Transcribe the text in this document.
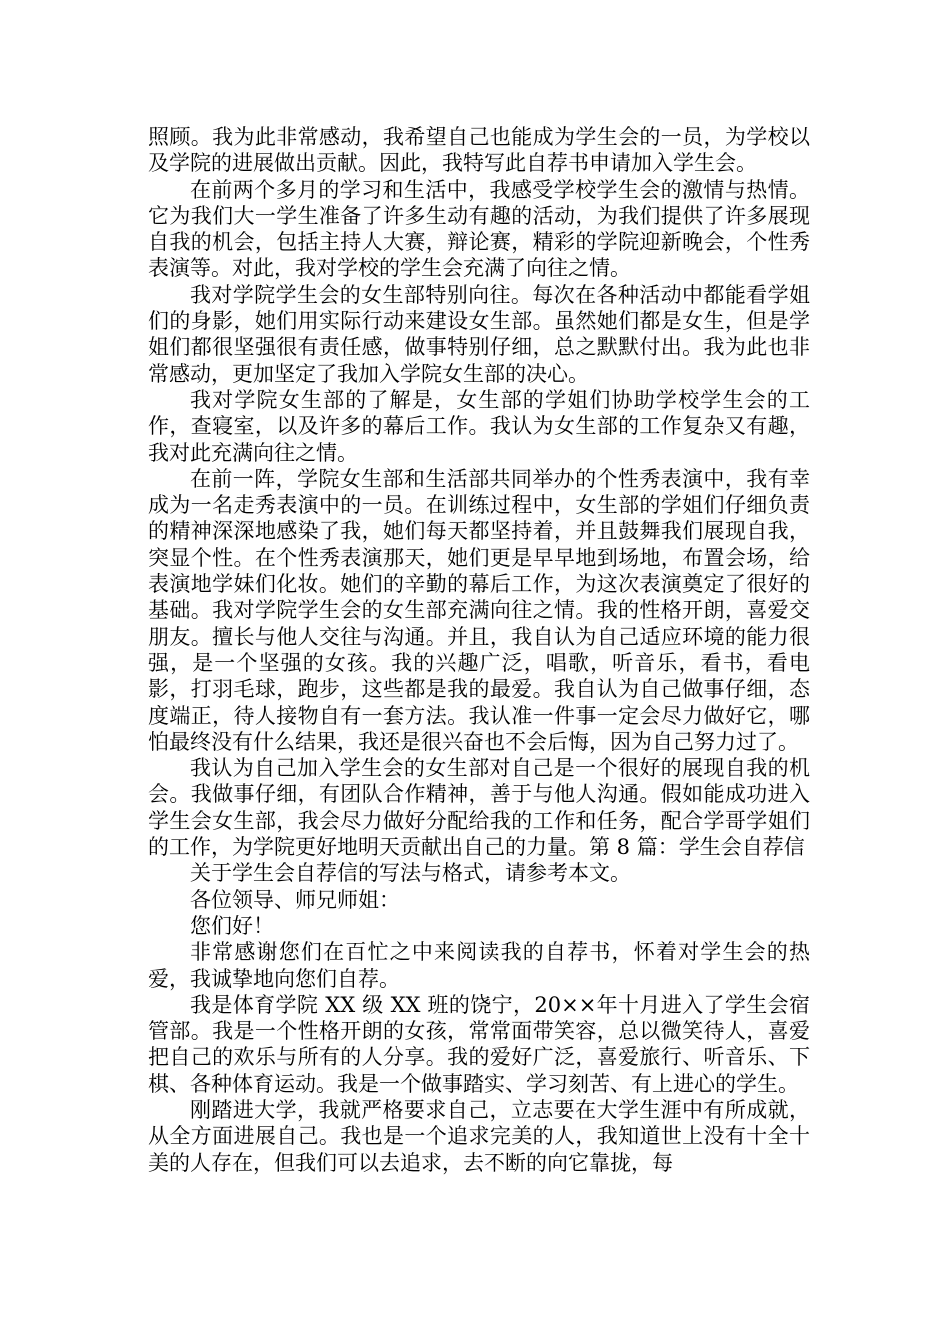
照顾。我为此非常感动，我希望自己也能成为学生会的一员，为学校以及学院的进展做出贡献。因此，我特写此自荐书申请加入学生会。

在前两个多月的学习和生活中，我感受学校学生会的激情与热情。它为我们大一学生准备了许多生动有趣的活动，为我们提供了许多展现自我的机会，包括主持人大赛，辩论赛，精彩的学院迎新晚会，个性秀表演等。对此，我对学校的学生会充满了向往之情。

我对学院学生会的女生部特别向往。每次在各种活动中都能看学姐们的身影，她们用实际行动来建设女生部。虽然她们都是女生，但是学姐们都很坚强很有责任感，做事特别仔细，总之默默付出。我为此也非常感动，更加坚定了我加入学院女生部的决心。

我对学院女生部的了解是，女生部的学姐们协助学校学生会的工作，查寝室，以及许多的幕后工作。我认为女生部的工作复杂又有趣，我对此充满向往之情。

在前一阵，学院女生部和生活部共同举办的个性秀表演中，我有幸成为一名走秀表演中的一员。在训练过程中，女生部的学姐们仔细负责的精神深深地感染了我，她们每天都坚持着，并且鼓舞我们展现自我，突显个性。在个性秀表演那天，她们更是早早地到场地，布置会场，给表演地学妹们化妆。她们的辛勤的幕后工作，为这次表演奠定了很好的基础。我对学院学生会的女生部充满向往之情。我的性格开朗，喜爱交朋友。擅长与他人交往与沟通。并且，我自认为自己适应环境的能力很强，是一个坚强的女孩。我的兴趣广泛，唱歌，听音乐，看书，看电影，打羽毛球，跑步，这些都是我的最爱。我自认为自己做事仔细，态度端正，待人接物自有一套方法。我认准一件事一定会尽力做好它，哪怕最终没有什么结果，我还是很兴奋也不会后悔，因为自己努力过了。

我认为自己加入学生会的女生部对自己是一个很好的展现自我的机会。我做事仔细，有团队合作精神，善于与他人沟通。假如能成功进入学生会女生部，我会尽力做好分配给我的工作和任务，配合学哥学姐们的工作，为学院更好地明天贡献出自己的力量。第 8 篇：学生会自荐信

关于学生会自荐信的写法与格式，请参考本文。

各位领导、师兄师姐：

您们好！

非常感谢您们在百忙之中来阅读我的自荐书，怀着对学生会的热爱，我诚挚地向您们自荐。

我是体育学院 XX 级 XX 班的饶宁，20××年十月进入了学生会宿管部。我是一个性格开朗的女孩，常常面带笑容，总以微笑待人，喜爱把自己的欢乐与所有的人分享。我的爱好广泛，喜爱旅行、听音乐、下棋、各种体育运动。我是一个做事踏实、学习刻苦、有上进心的学生。

刚踏进大学，我就严格要求自己，立志要在大学生涯中有所成就，从全方面进展自己。我也是一个追求完美的人，我知道世上没有十全十美的人存在，但我们可以去追求，去不断的向它靠拢，每
